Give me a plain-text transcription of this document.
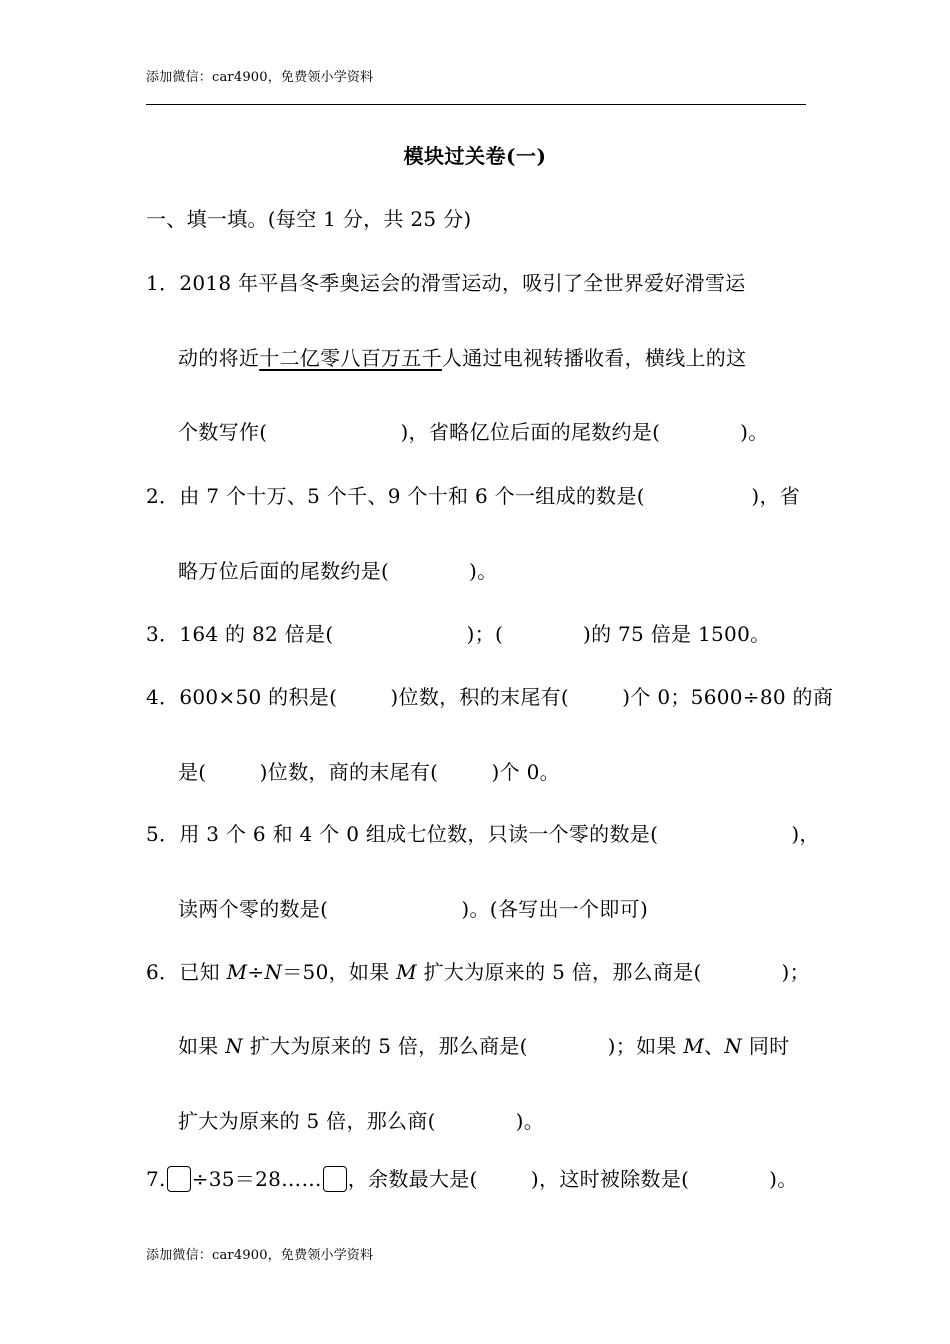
添加微信：car4900，免费领小学资料
模块过关卷(一)
一、填一填。(每空 1 分，共 25 分)
1．2018 年平昌冬季奥运会的滑雪运动，吸引了全世界爱好滑雪运
动的将近十二亿零八百万五千人通过电视转播收看，横线上的这
个数写作(                    )，省略亿位后面的尾数约是(            )。
2．由 7 个十万、5 个千、9 个十和 6 个一组成的数是(                )，省
略万位后面的尾数约是(            )。
3．164 的 82 倍是(                    )；(            )的 75 倍是 1500。
4．600×50 的积是(        )位数，积的末尾有(        )个 0；5600÷80 的商
是(        )位数，商的末尾有(        )个 0。
5．用 3 个 6 和 4 个 0 组成七位数，只读一个零的数是(                    )，
读两个零的数是(                    )。(各写出一个即可)
6．已知 M÷N＝50，如果 M 扩大为原来的 5 倍，那么商是(            )；
如果 N 扩大为原来的 5 倍，那么商是(            )；如果 M、N 同时
扩大为原来的 5 倍，那么商(            )。
7. ÷35＝28…… ，余数最大是(        )，这时被除数是(            )。
添加微信：car4900，免费领小学资料
